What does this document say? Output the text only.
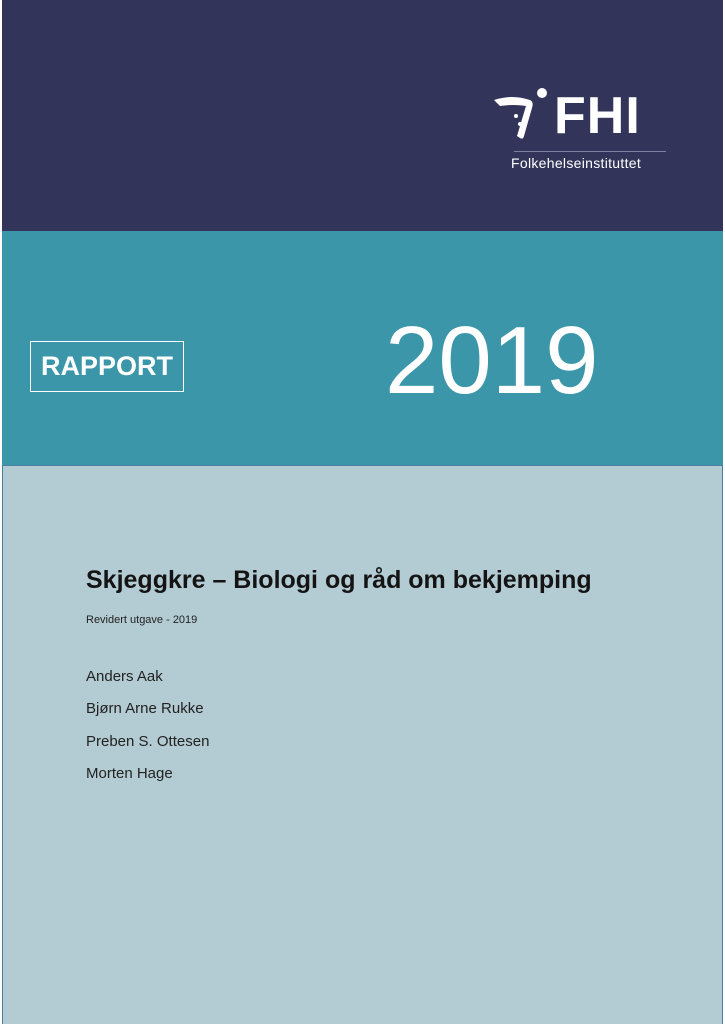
FHI
Folkehelseinstituttet
RAPPORT 2019
Skjeggkre – Biologi og råd om bekjemping
Revidert utgave - 2019
Anders Aak
Bjørn Arne Rukke
Preben S. Ottesen
Morten Hage
